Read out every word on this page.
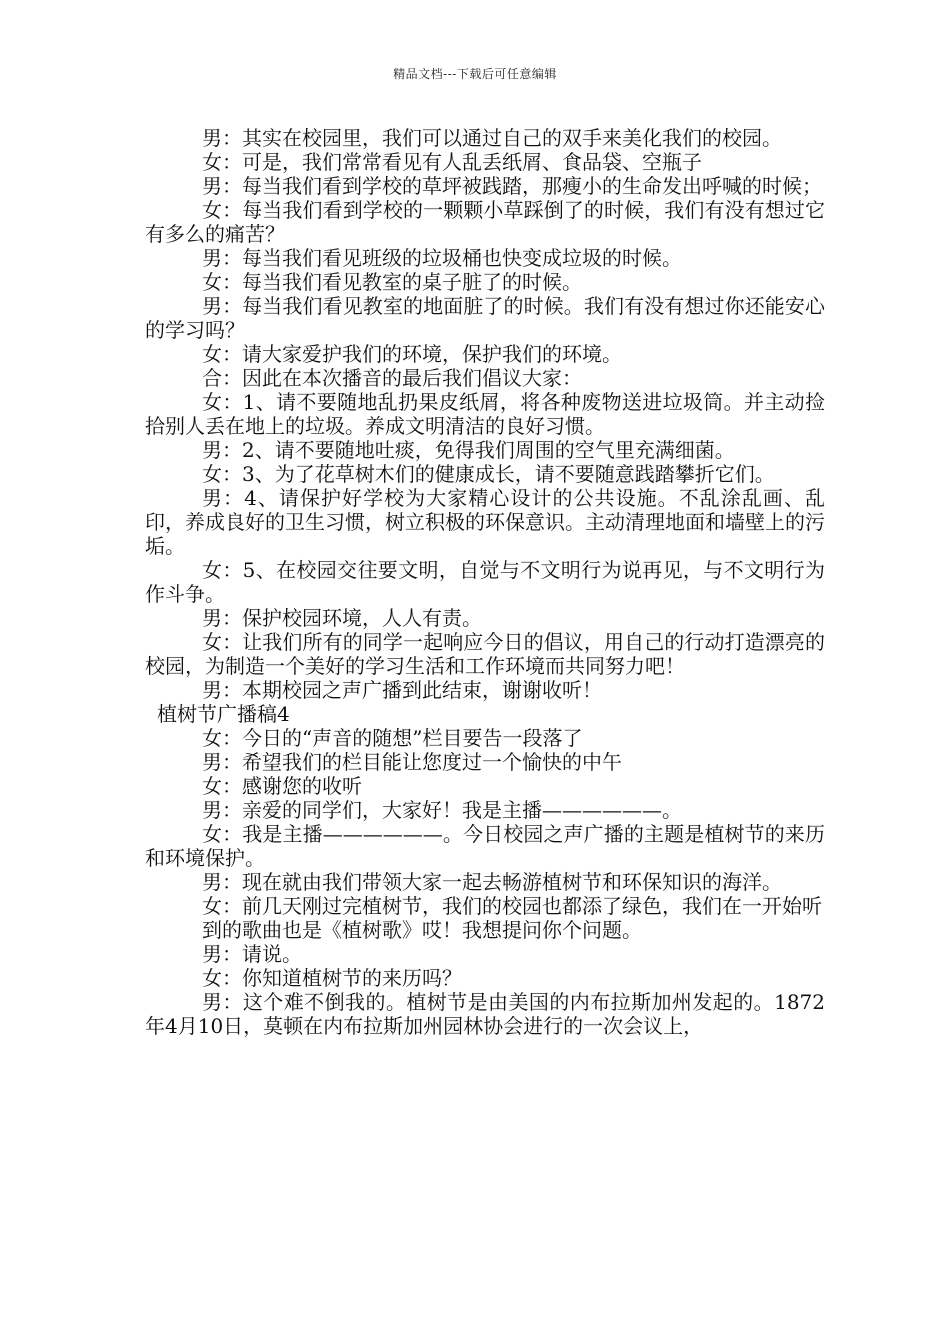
精品文档---下载后可任意编辑

男：其实在校园里，我们可以通过自己的双手来美化我们的校园。

女：可是，我们常常看见有人乱丢纸屑、食品袋、空瓶子

男：每当我们看到学校的草坪被践踏，那瘦小的生命发出呼喊的时候；

女：每当我们看到学校的一颗颗小草踩倒了的时候，我们有没有想过它有多么的痛苦？

男：每当我们看见班级的垃圾桶也快变成垃圾的时候。

女：每当我们看见教室的桌子脏了的时候。

男：每当我们看见教室的地面脏了的时候。我们有没有想过你还能安心的学习吗？

女：请大家爱护我们的环境，保护我们的环境。

合：因此在本次播音的最后我们倡议大家：

女：1、请不要随地乱扔果皮纸屑，将各种废物送进垃圾筒。并主动捡拾别人丢在地上的垃圾。养成文明清洁的良好习惯。

男：2、请不要随地吐痰，免得我们周围的空气里充满细菌。

女：3、为了花草树木们的健康成长，请不要随意践踏攀折它们。

男：4、请保护好学校为大家精心设计的公共设施。不乱涂乱画、乱印，养成良好的卫生习惯，树立积极的环保意识。主动清理地面和墙壁上的污垢。

女：5、在校园交往要文明，自觉与不文明行为说再见，与不文明行为作斗争。

男：保护校园环境，人人有责。

女：让我们所有的同学一起响应今日的倡议，用自己的行动打造漂亮的校园，为制造一个美好的学习生活和工作环境而共同努力吧！

男：本期校园之声广播到此结束，谢谢收听！

植树节广播稿4

女：今日的“声音的随想”栏目要告一段落了

男：希望我们的栏目能让您度过一个愉快的中午

女：感谢您的收听

男：亲爱的同学们，大家好！我是主播——————。

女：我是主播——————。今日校园之声广播的主题是植树节的来历和环境保护。

男：现在就由我们带领大家一起去畅游植树节和环保知识的海洋。

女：前几天刚过完植树节，我们的校园也都添了绿色，我们在一开始听

到的歌曲也是《植树歌》哎！我想提问你个问题。

男：请说。

女：你知道植树节的来历吗？

男：这个难不倒我的。植树节是由美国的内布拉斯加州发起的。1872年4月10日，莫顿在内布拉斯加州园林协会进行的一次会议上，
